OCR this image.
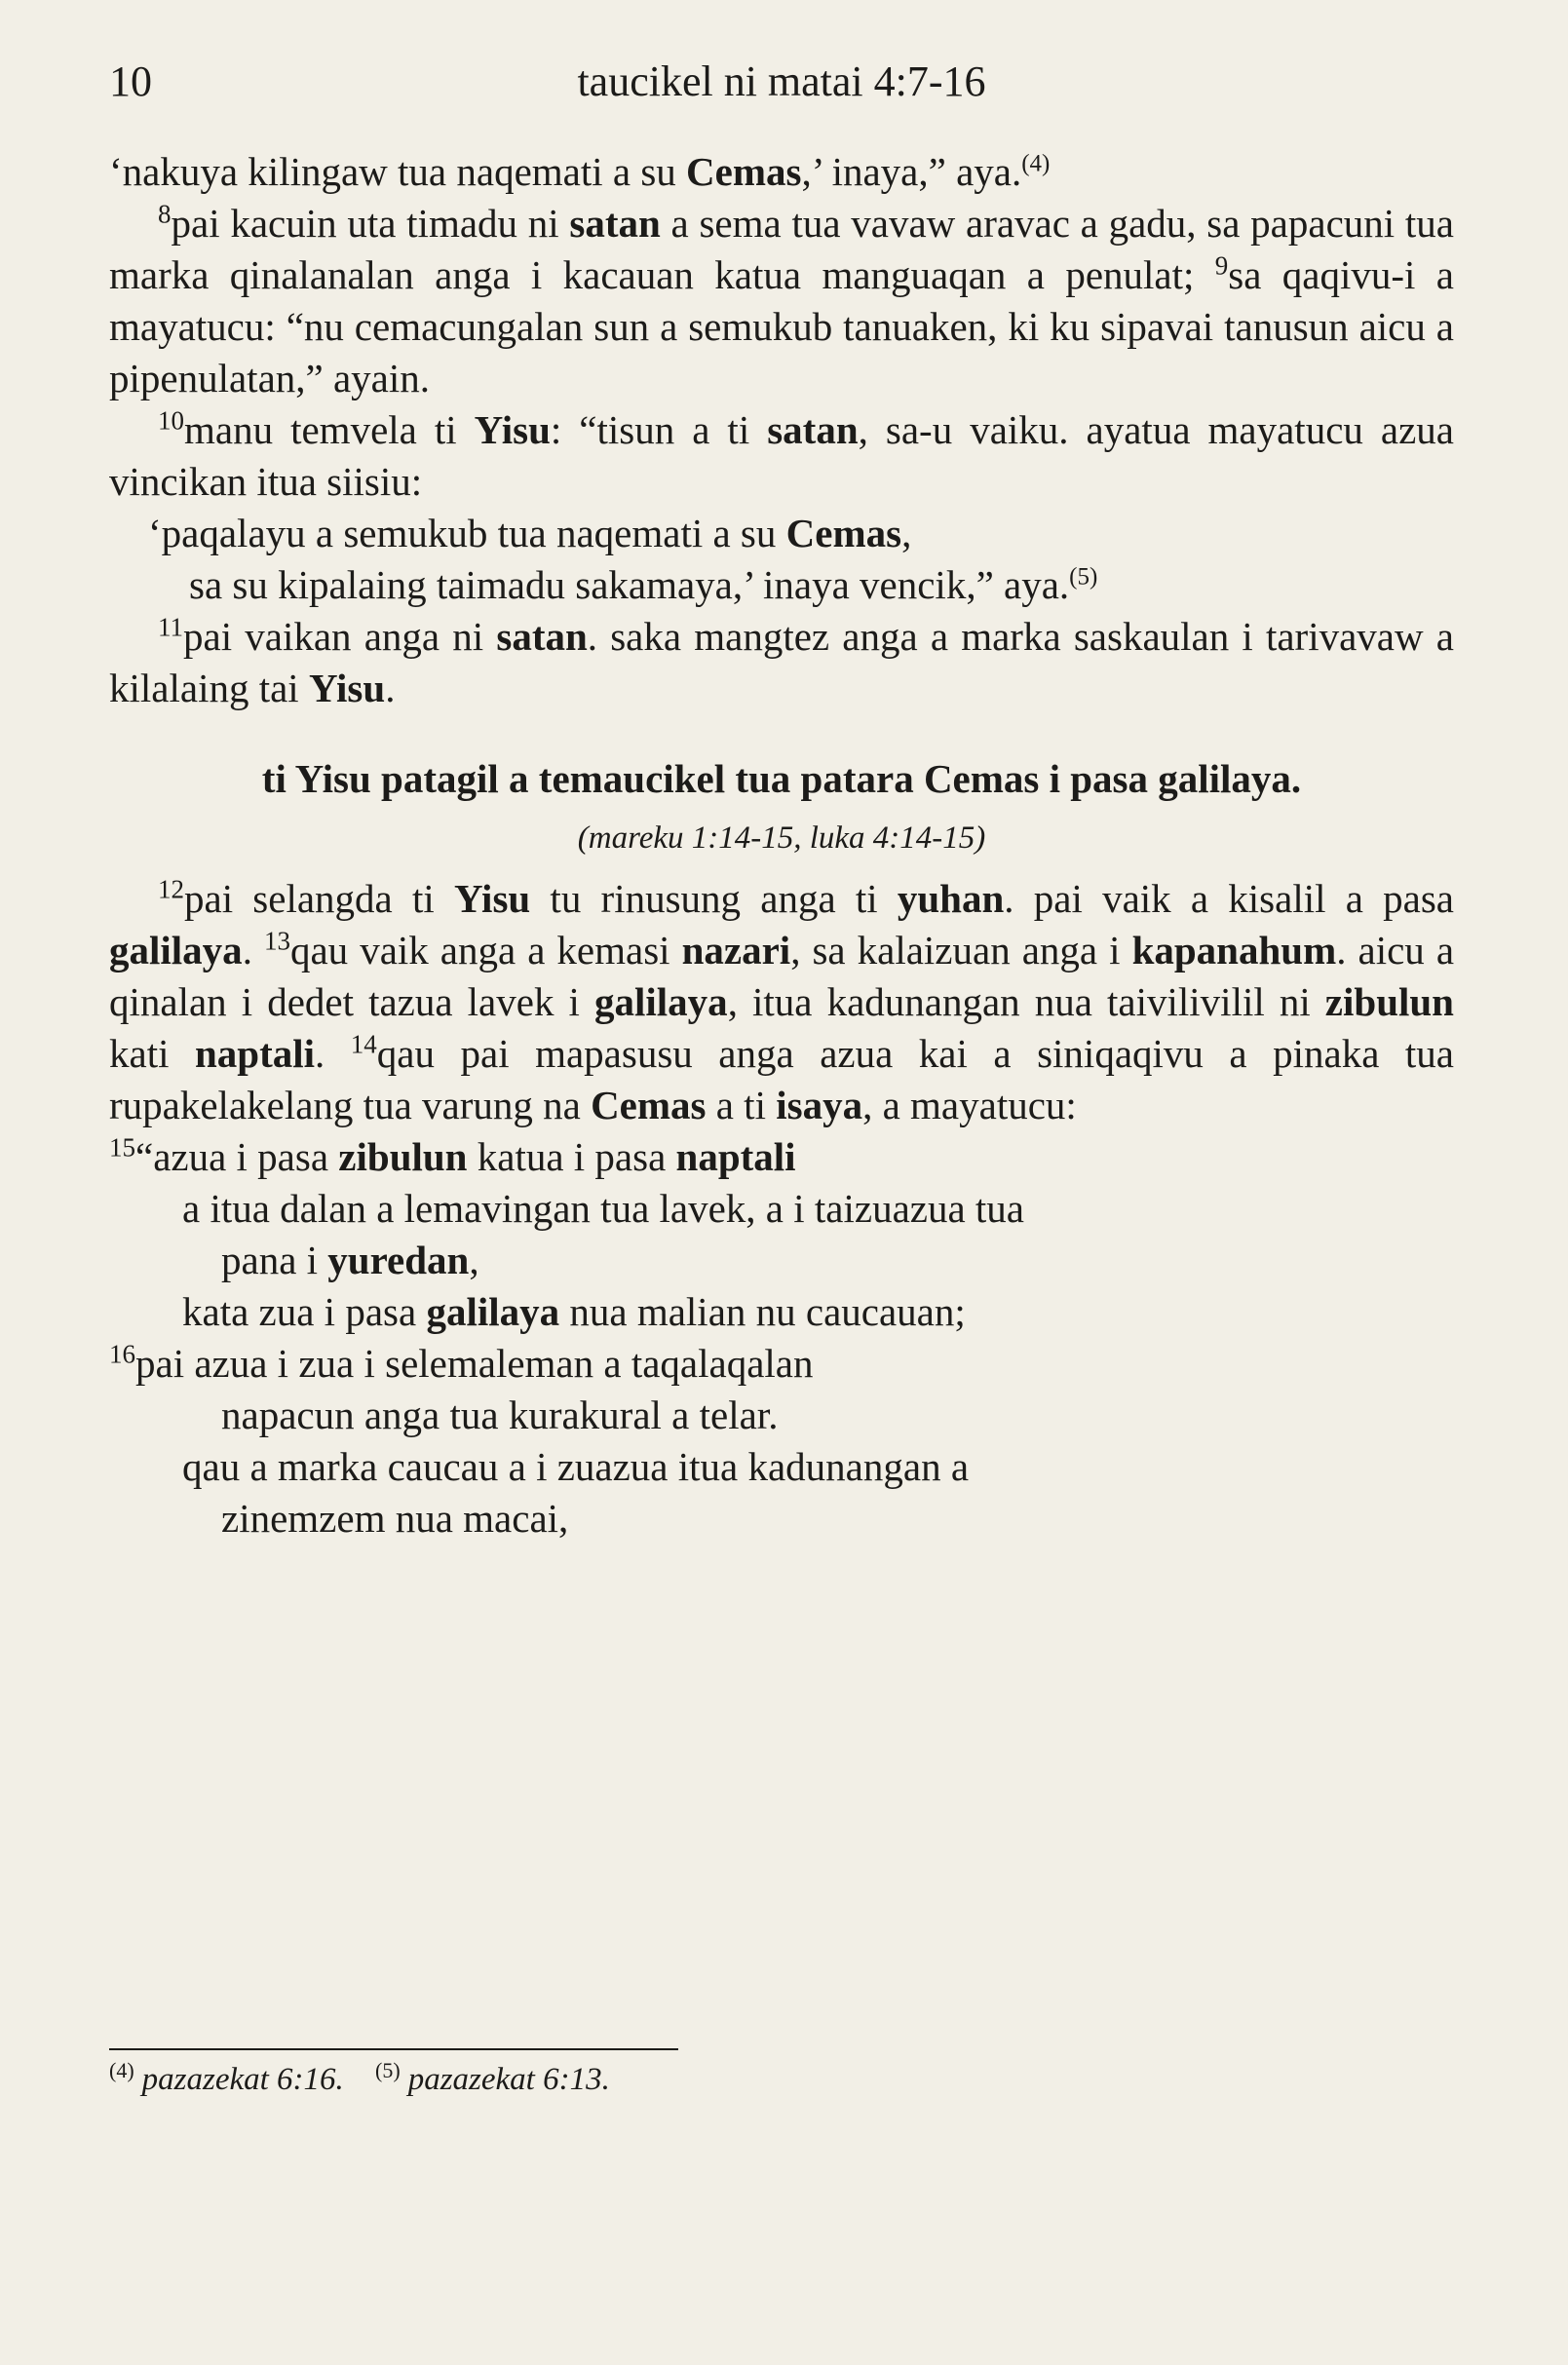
10	taucikel ni matai 4:7-16

‘nakuya kilingaw tua naqemati a su Cemas,’ inaya,” aya.$^{(4)}$

$^8$pai kacuin uta timadu ni satan a sema tua vavaw aravac a gadu, sa papacuni tua marka qinalanalan anga i kacauan katua manguaqan a penulat; $^9$sa qaqivu-i a mayatucu: “nu cemacungalan sun a semukub tanuaken, ki ku sipavai tanusun aicu a pipenulatan,” ayain.

$^{10}$manu temvela ti Yisu: “tisun a ti satan, sa-u vaiku. ayatua mayatucu azua vincikan itua siisiu:

‘paqalayu a semukub tua naqemati a su Cemas,

sa su kipalaing taimadu sakamaya,’ inaya vencik,” aya.$^{(5)}$

$^{11}$pai vaikan anga ni satan. saka mangtez anga a marka saskaulan i tarivavaw a kilalaing tai Yisu.

ti Yisu patagil a temaucikel tua patara Cemas i pasa galilaya.
(mareku 1:14-15, luka 4:14-15)

$^{12}$pai selangda ti Yisu tu rinusung anga ti yuhan. pai vaik a kisalil a pasa galilaya. $^{13}$qau vaik anga a kemasi nazari, sa kalaizuan anga i kapanahum. aicu a qinalan i dedet tazua lavek i galilaya, itua kadunangan nua taivilivilil ni zibulun kati naptali. $^{14}$qau pai mapasusu anga azua kai a siniqaqivu a pinaka tua rupakelakelang tua varung na Cemas a ti isaya, a mayatucu:

$^{15}$“azua i pasa zibulun katua i pasa naptali
a itua dalan a lemavingan tua lavek, a i taizuazua tua
pana i yuredan,
kata zua i pasa galilaya nua malian nu caucauan;
$^{16}$pai azua i zua i selemaleman a taqalaqalan
napacun anga tua kurakural a telar.
qau a marka caucau a i zuazua itua kadunangan a
zinemzem nua macai,
$^{(4)}$ pazazekat 6:16. $^{(5)}$ pazazekat 6:13.
